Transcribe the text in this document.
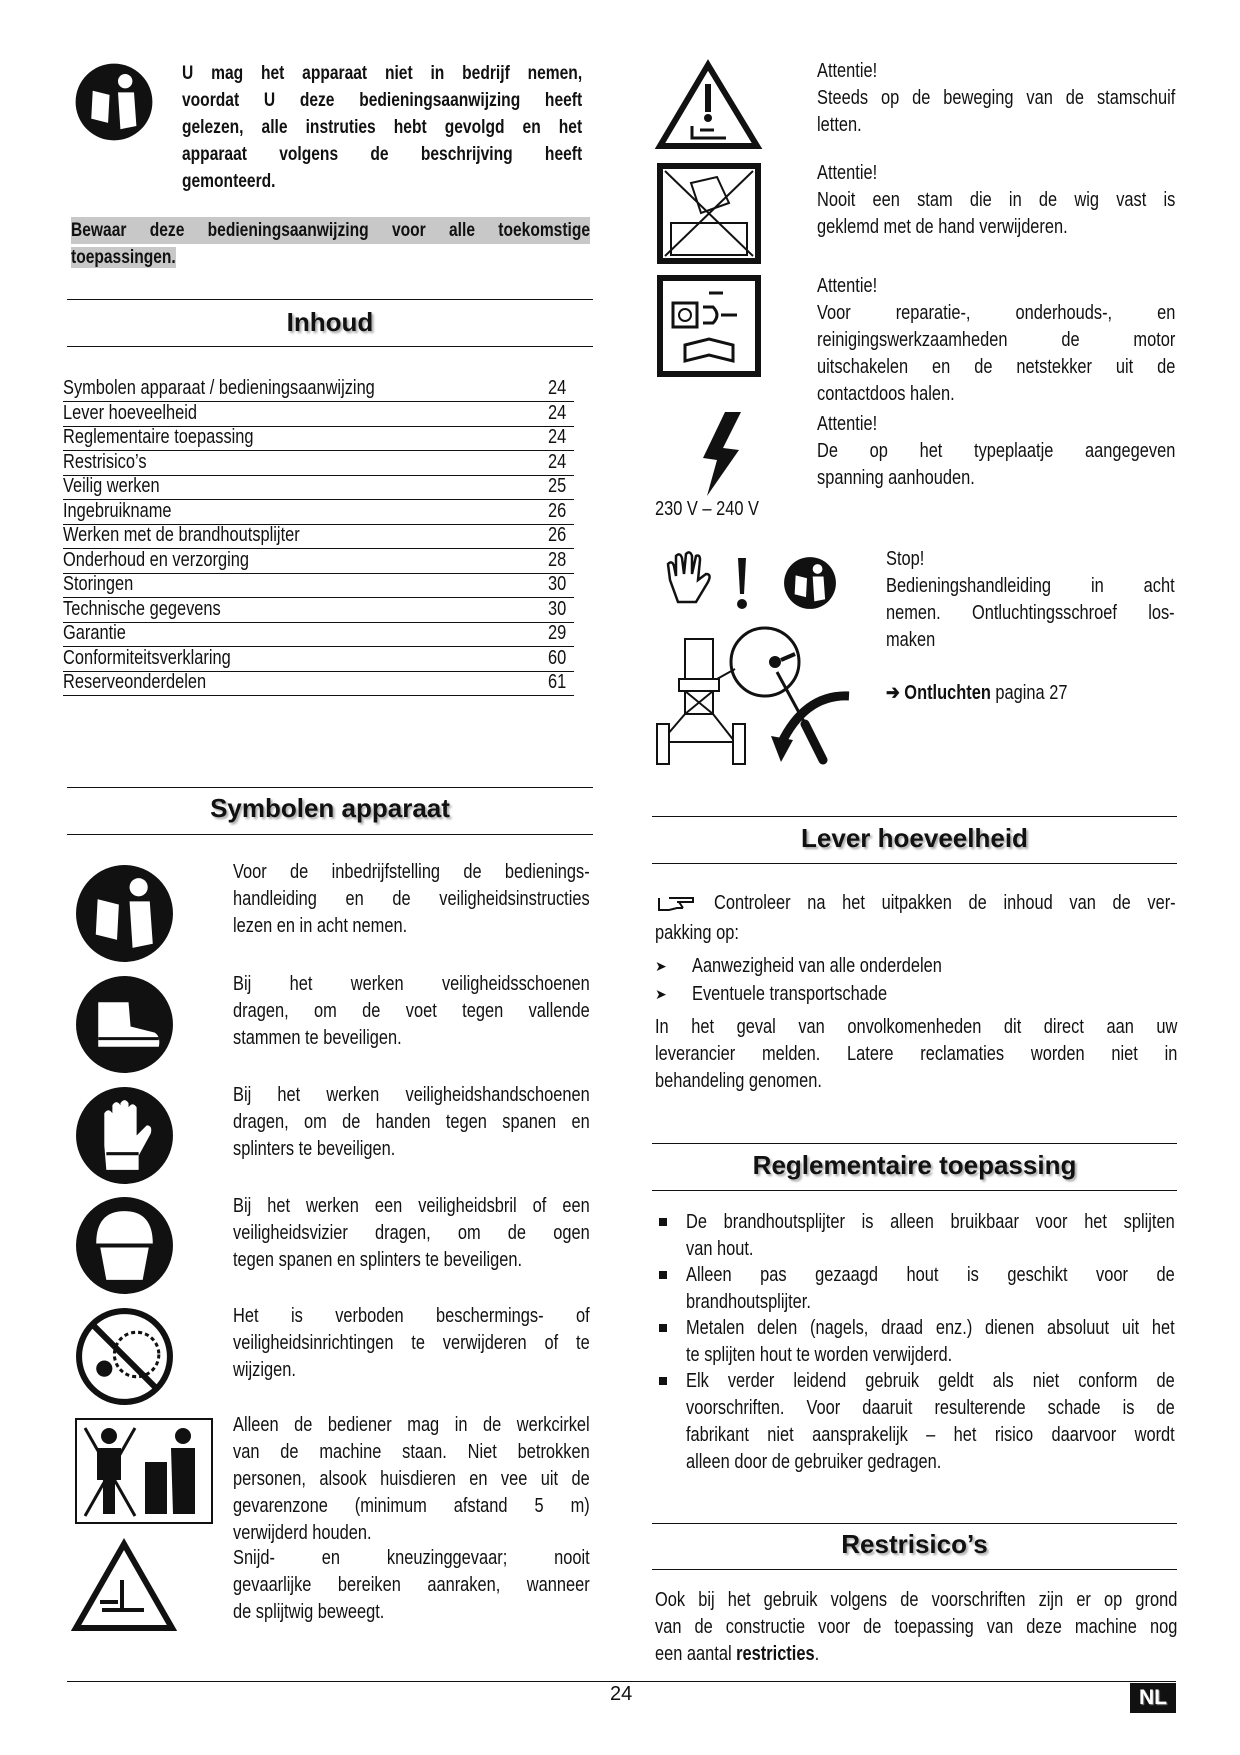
U mag het apparaat niet in bedrijf nemen,
voordat U deze bedieningsaanwijzing heeft
gelezen, alle instruties hebt gevolgd en het
apparaat volgens de beschrijving heeft
gemonteerd.
Bewaar deze bedieningsaanwijzing voor alle toekomstige
toepassingen.
Inhoud
Symbolen apparaat / bedieningsaanwijzing	24
Lever hoeveelheid	24
Reglementaire toepassing	24
Restrisico’s	24
Veilig werken	25
Ingebruikname	26
Werken met de brandhoutsplijter	26
Onderhoud en verzorging	28
Storingen	30
Technische gegevens	30
Garantie	29
Conformiteitsverklaring	60
Reserveonderdelen	61
Symbolen apparaat
Voor de inbedrijfstelling de bedienings-
handleiding en de veiligheidsinstructies
lezen en in acht nemen.
Bij het werken veiligheidsschoenen
dragen, om de voet tegen vallende
stammen te beveiligen.
Bij het werken veiligheidshandschoenen
dragen, om de handen tegen spanen en
splinters te beveiligen.
Bij het werken een veiligheidsbril of een
veiligheidsvizier dragen, om de ogen
tegen spanen en splinters te beveiligen.
Het is verboden beschermings- of
veiligheidsinrichtingen te verwijderen of te
wijzigen.
Alleen de bediener mag in de werkcirkel
van de machine staan. Niet betrokken
personen, alsook huisdieren en vee uit de
gevarenzone (minimum afstand 5 m)
verwijderd houden.
Snijd- en kneuzinggevaar; nooit
gevaarlijke bereiken aanraken, wanneer
de splijtwig beweegt.
230 V – 240 V
Attentie!
Steeds op de beweging van de stamschuif
letten.
Attentie!
Nooit een stam die in de wig vast is
geklemd met de hand verwijderen.
Attentie!
Voor reparatie-, onderhouds-, en
reinigingswerkzaamheden de motor
uitschakelen en de netstekker uit de
contactdoos halen.
Attentie!
De op het typeplaatje aangegeven
spanning aanhouden.
Stop!
Bedieningshandleiding in acht
nemen. Ontluchtingsschroef los-
maken
➔ Ontluchten pagina 27
Lever hoeveelheid
Controleer na het uitpakken de inhoud van de ver-
pakking op:
➤ Aanwezigheid van alle onderdelen
➤ Eventuele transportschade
In het geval van onvolkomenheden dit direct aan uw
leverancier melden. Latere reclamaties worden niet in
behandeling genomen.
Reglementaire toepassing
De brandhoutsplijter is alleen bruikbaar voor het splijten
van hout.
Alleen pas gezaagd hout is geschikt voor de
brandhoutsplijter.
Metalen delen (nagels, draad enz.) dienen absoluut uit het
te splijten hout te worden verwijderd.
Elk verder leidend gebruik geldt als niet conform de
voorschriften. Voor daaruit resulterende schade is de
fabrikant niet aansprakelijk – het risico daarvoor wordt
alleen door de gebruiker gedragen.
Restrisico’s
Ook bij het gebruik volgens de voorschriften zijn er op grond
van de constructie voor de toepassing van deze machine nog
een aantal restricties.
24	NL
